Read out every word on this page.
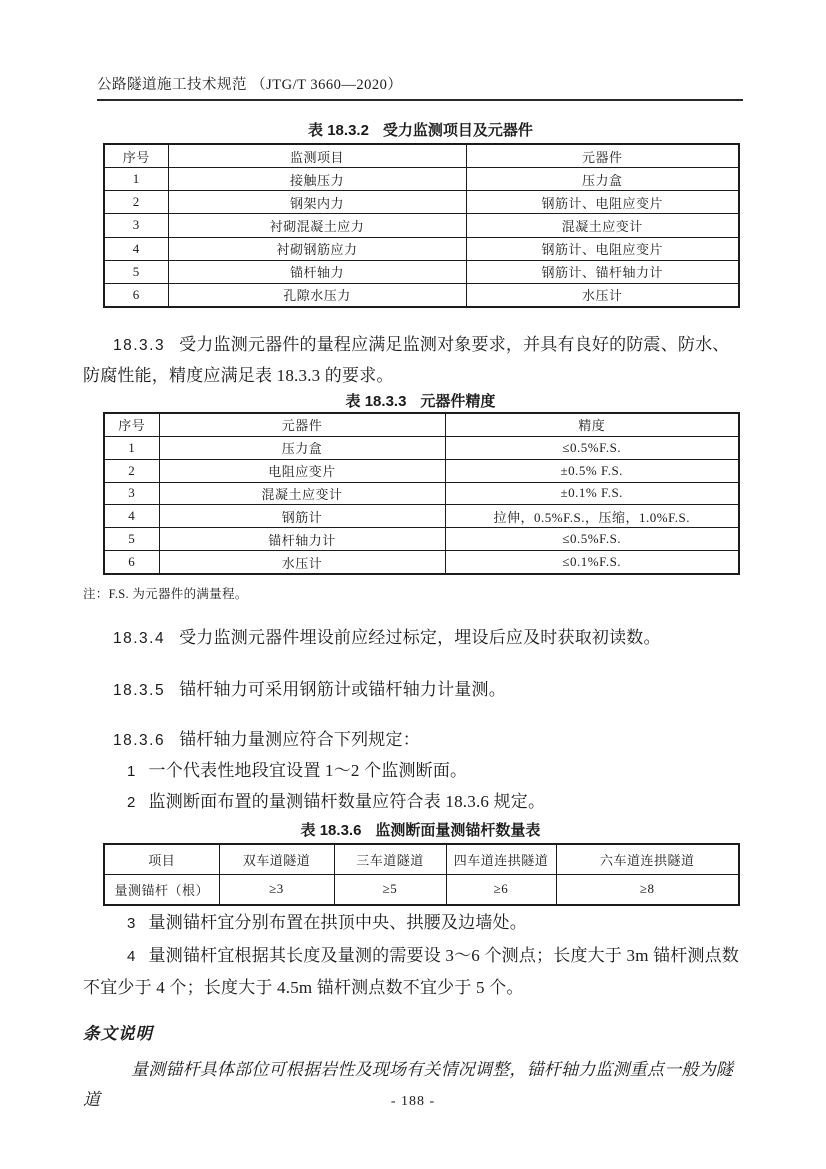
公路隧道施工技术规范 （JTG/T 3660—2020）
表 18.3.2 受力监测项目及元器件
序号	监测项目	元器件
1	接触压力	压力盒
2	钢架内力	钢筋计、电阻应变片
3	衬砌混凝土应力	混凝土应变计
4	衬砌钢筋应力	钢筋计、电阻应变片
5	锚杆轴力	钢筋计、锚杆轴力计
6	孔隙水压力	水压计
18.3.3 受力监测元器件的量程应满足监测对象要求，并具有良好的防震、防水、防腐性能，精度应满足表 18.3.3 的要求。
表 18.3.3 元器件精度
序号	元器件	精度
1	压力盒	≤0.5%F.S.
2	电阻应变片	±0.5% F.S.
3	混凝土应变计	±0.1% F.S.
4	钢筋计	拉伸，0.5%F.S.，压缩，1.0%F.S.
5	锚杆轴力计	≤0.5%F.S.
6	水压计	≤0.1%F.S.
注：F.S. 为元器件的满量程。
18.3.4 受力监测元器件埋设前应经过标定，埋设后应及时获取初读数。
18.3.5 锚杆轴力可采用钢筋计或锚杆轴力计量测。
18.3.6 锚杆轴力量测应符合下列规定：
1 一个代表性地段宜设置 1～2 个监测断面。
2 监测断面布置的量测锚杆数量应符合表 18.3.6 规定。
表 18.3.6 监测断面量测锚杆数量表
项目	双车道隧道	三车道隧道	四车道连拱隧道	六车道连拱隧道
量测锚杆（根）	≥3	≥5	≥6	≥8
3 量测锚杆宜分别布置在拱顶中央、拱腰及边墙处。
4 量测锚杆宜根据其长度及量测的需要设 3～6 个测点；长度大于 3m 锚杆测点数不宜少于 4 个；长度大于 4.5m 锚杆测点数不宜少于 5 个。
条文说明
量测锚杆具体部位可根据岩性及现场有关情况调整，锚杆轴力监测重点一般为隧道	- 188 -
